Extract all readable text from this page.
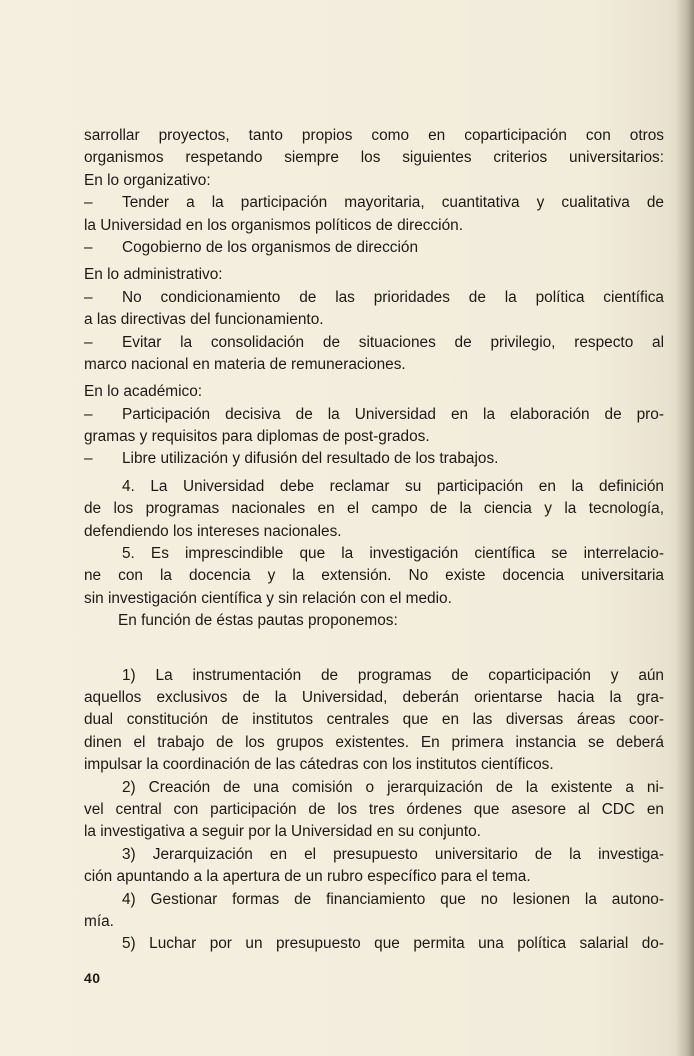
sarrollar proyectos, tanto propios como en coparticipación con otros
organismos respetando siempre los siguientes criterios universitarios:
En lo organizativo:
– Tender a la participación mayoritaria, cuantitativa y cualitativa de
la Universidad en los organismos políticos de dirección.
– Cogobierno de los organismos de dirección
En lo administrativo:
– No condicionamiento de las prioridades de la política científica
a las directivas del funcionamiento.
– Evitar la consolidación de situaciones de privilegio, respecto al
marco nacional en materia de remuneraciones.
En lo académico:
– Participación decisiva de la Universidad en la elaboración de pro-
gramas y requisitos para diplomas de post-grados.
– Libre utilización y difusión del resultado de los trabajos.
4. La Universidad debe reclamar su participación en la definición
de los programas nacionales en el campo de la ciencia y la tecnología,
defendiendo los intereses nacionales.
5. Es imprescindible que la investigación científica se interrelacio-
ne con la docencia y la extensión. No existe docencia universitaria
sin investigación científica y sin relación con el medio.
En función de éstas pautas proponemos:
1) La instrumentación de programas de coparticipación y aún
aquellos exclusivos de la Universidad, deberán orientarse hacia la gra-
dual constitución de institutos centrales que en las diversas áreas coor-
dinen el trabajo de los grupos existentes. En primera instancia se deberá
impulsar la coordinación de las cátedras con los institutos científicos.
2) Creación de una comisión o jerarquización de la existente a ni-
vel central con participación de los tres órdenes que asesore al CDC en
la investigativa a seguir por la Universidad en su conjunto.
3) Jerarquización en el presupuesto universitario de la investiga-
ción apuntando a la apertura de un rubro específico para el tema.
4) Gestionar formas de financiamiento que no lesionen la autono-
mía.
5) Luchar por un presupuesto que permita una política salarial do-
40
